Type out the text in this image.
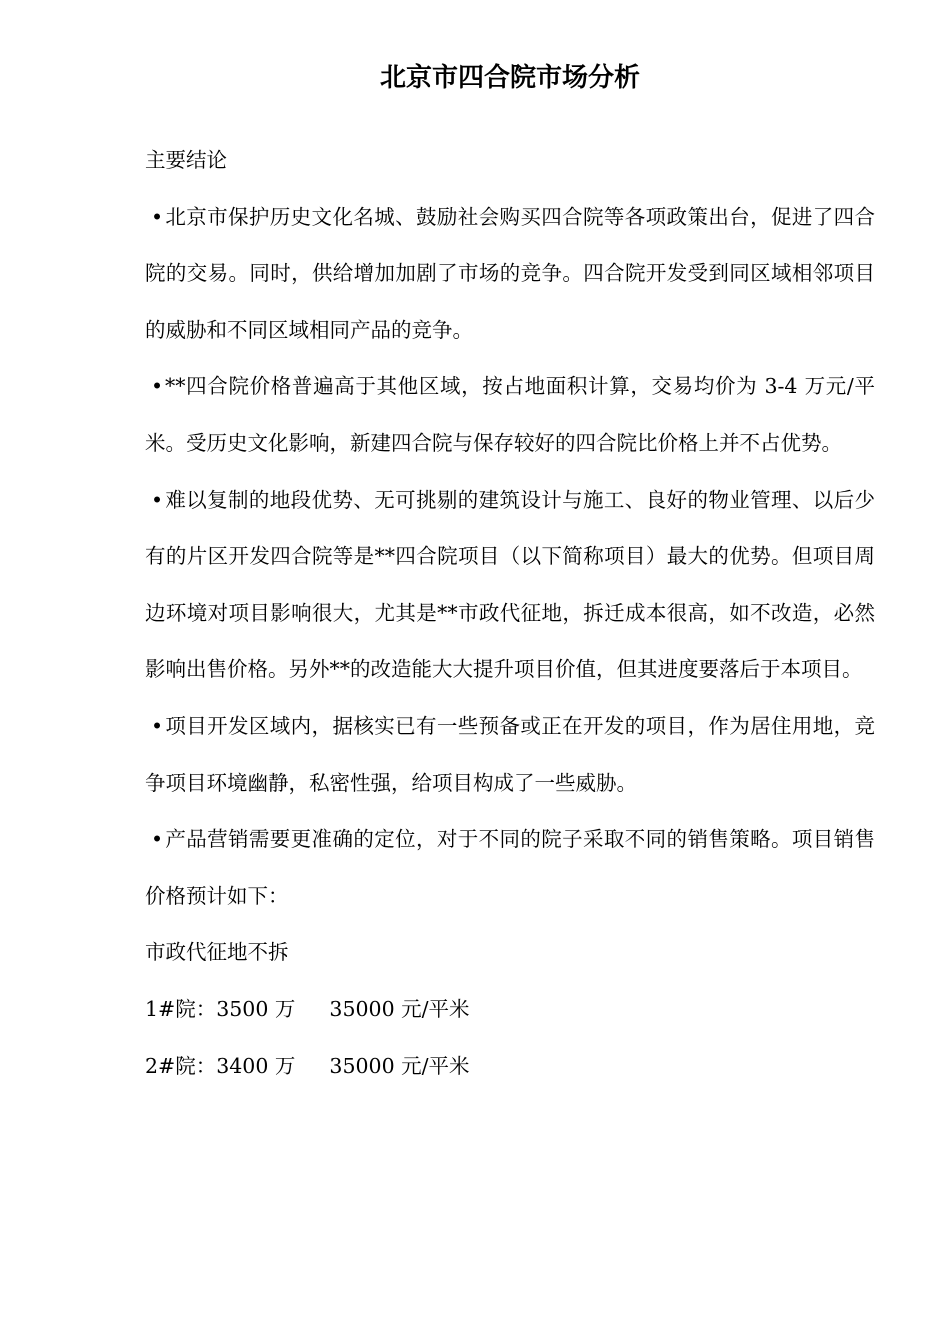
北京市四合院市场分析

主要结论

•北京市保护历史文化名城、鼓励社会购买四合院等各项政策出台，促进了四合院的交易。同时，供给增加加剧了市场的竞争。四合院开发受到同区域相邻项目的威胁和不同区域相同产品的竞争。

•**四合院价格普遍高于其他区域，按占地面积计算，交易均价为 3-4 万元/平米。受历史文化影响，新建四合院与保存较好的四合院比价格上并不占优势。

•难以复制的地段优势、无可挑剔的建筑设计与施工、良好的物业管理、以后少有的片区开发四合院等是**四合院项目（以下简称项目）最大的优势。但项目周边环境对项目影响很大，尤其是**市政代征地，拆迁成本很高，如不改造，必然影响出售价格。另外**的改造能大大提升项目价值，但其进度要落后于本项目。

•项目开发区域内，据核实已有一些预备或正在开发的项目，作为居住用地，竞争项目环境幽静，私密性强，给项目构成了一些威胁。

•产品营销需要更准确的定位，对于不同的院子采取不同的销售策略。项目销售价格预计如下：

市政代征地不拆

1#院：3500 万 35000 元/平米

2#院：3400 万 35000 元/平米
